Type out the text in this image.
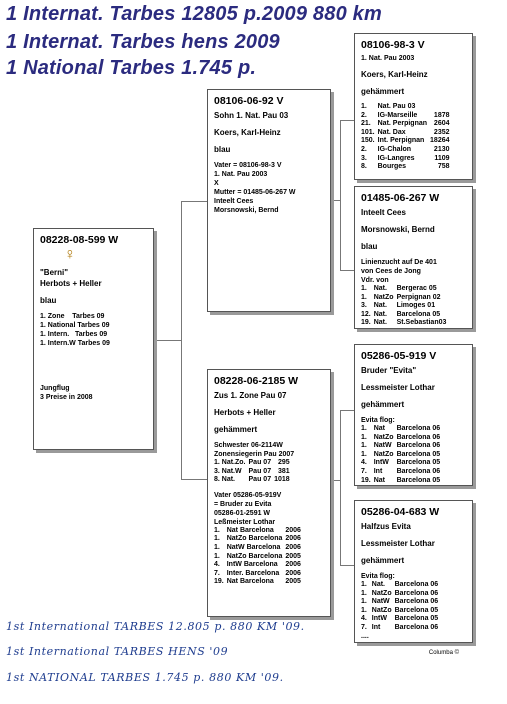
1 Internat. Tarbes 12805 p.2009 880 km
1 Internat. Tarbes hens 2009
1 National Tarbes 1.745 p.
08228-08-599 W ♀
"Berni"
Herbots + Heller
blau
1. Zone    Tarbes 09
1. National Tarbes 09
1. Intern.   Tarbes 09
1. Intern.W Tarbes 09
Jungflug
3 Preise in 2008
08106-06-92 V
Sohn 1. Nat. Pau 03
Koers, Karl-Heinz
blau
Vater = 08106-98-3 V
1. Nat. Pau 2003
X
Mutter = 01485-06-267 W
Inteelt Cees
Morsnowski, Bernd
08228-06-2185 W
Zus 1. Zone Pau 07
Herbots + Heller
gehämmert
Schwester 06-2114W
Zonensiegerin Pau 2007
1. Nat.Zo.	Pau 07	295
3. Nat.W	Pau 07	381
8. Nat.	Pau 07	1018
Vater 05286-05-919V
= Bruder zu Evita
05286-01-2591 W
Leßmeister Lothar
1.	Nat Barcelona	2006
1.	NatZo Barcelona	2006
1.	NatW Barcelona	2006
1.	NatZo Barcelona	2005
4.	IntW Barcelona	2006
7.	Inter. Barcelona	2006
19.	Nat Barcelona	2005
08106-98-3 V
1. Nat. Pau 2003
Koers, Karl-Heinz
gehämmert
1.	Nat. Pau 03	
2.	IG-Marseille	1878
21.	Nat. Perpignan	2604
101.	Nat. Dax	2352
150.	Int. Perpignan	18264
2.	IG-Chalon	2130
3.	IG-Langres	1109
8.	Bourges	758
01485-06-267 W
Inteelt Cees
Morsnowski, Bernd
blau
Linienzucht auf De 401
von Cees de Jong
Vdr. von
1.	Nat.	Bergerac 05
1.	NatZo	Perpignan 02
3.	Nat.	Limoges 01
12.	Nat.	Barcelona 05
19.	Nat.	St.Sebastian03
05286-05-919 V
Bruder "Evita"
Lessmeister Lothar
gehämmert
Evita flog:
1.	Nat	Barcelona 06
1.	NatZo	Barcelona 06
1.	NatW	Barcelona 06
1.	NatZo	Barcelona 05
4.	IntW	Barcelona 05
7.	Int	Barcelona 06
19.	Nat	Barcelona 05
05286-04-683 W
Halfzus Evita
Lessmeister Lothar
gehämmert
Evita flog:
1.	Nat.	Barcelona 06
1.	NatZo	Barcelona 06
1.	NatW	Barcelona 06
1.	NatZo	Barcelona 05
4.	IntW	Barcelona 05
7.	Int	Barcelona 06
....		
Columba ©
1st International TARBES 12.805 p. 880 KM '09.
1st International TARBES HENS '09
1st NATIONAL TARBES 1.745 p. 880 KM '09.
